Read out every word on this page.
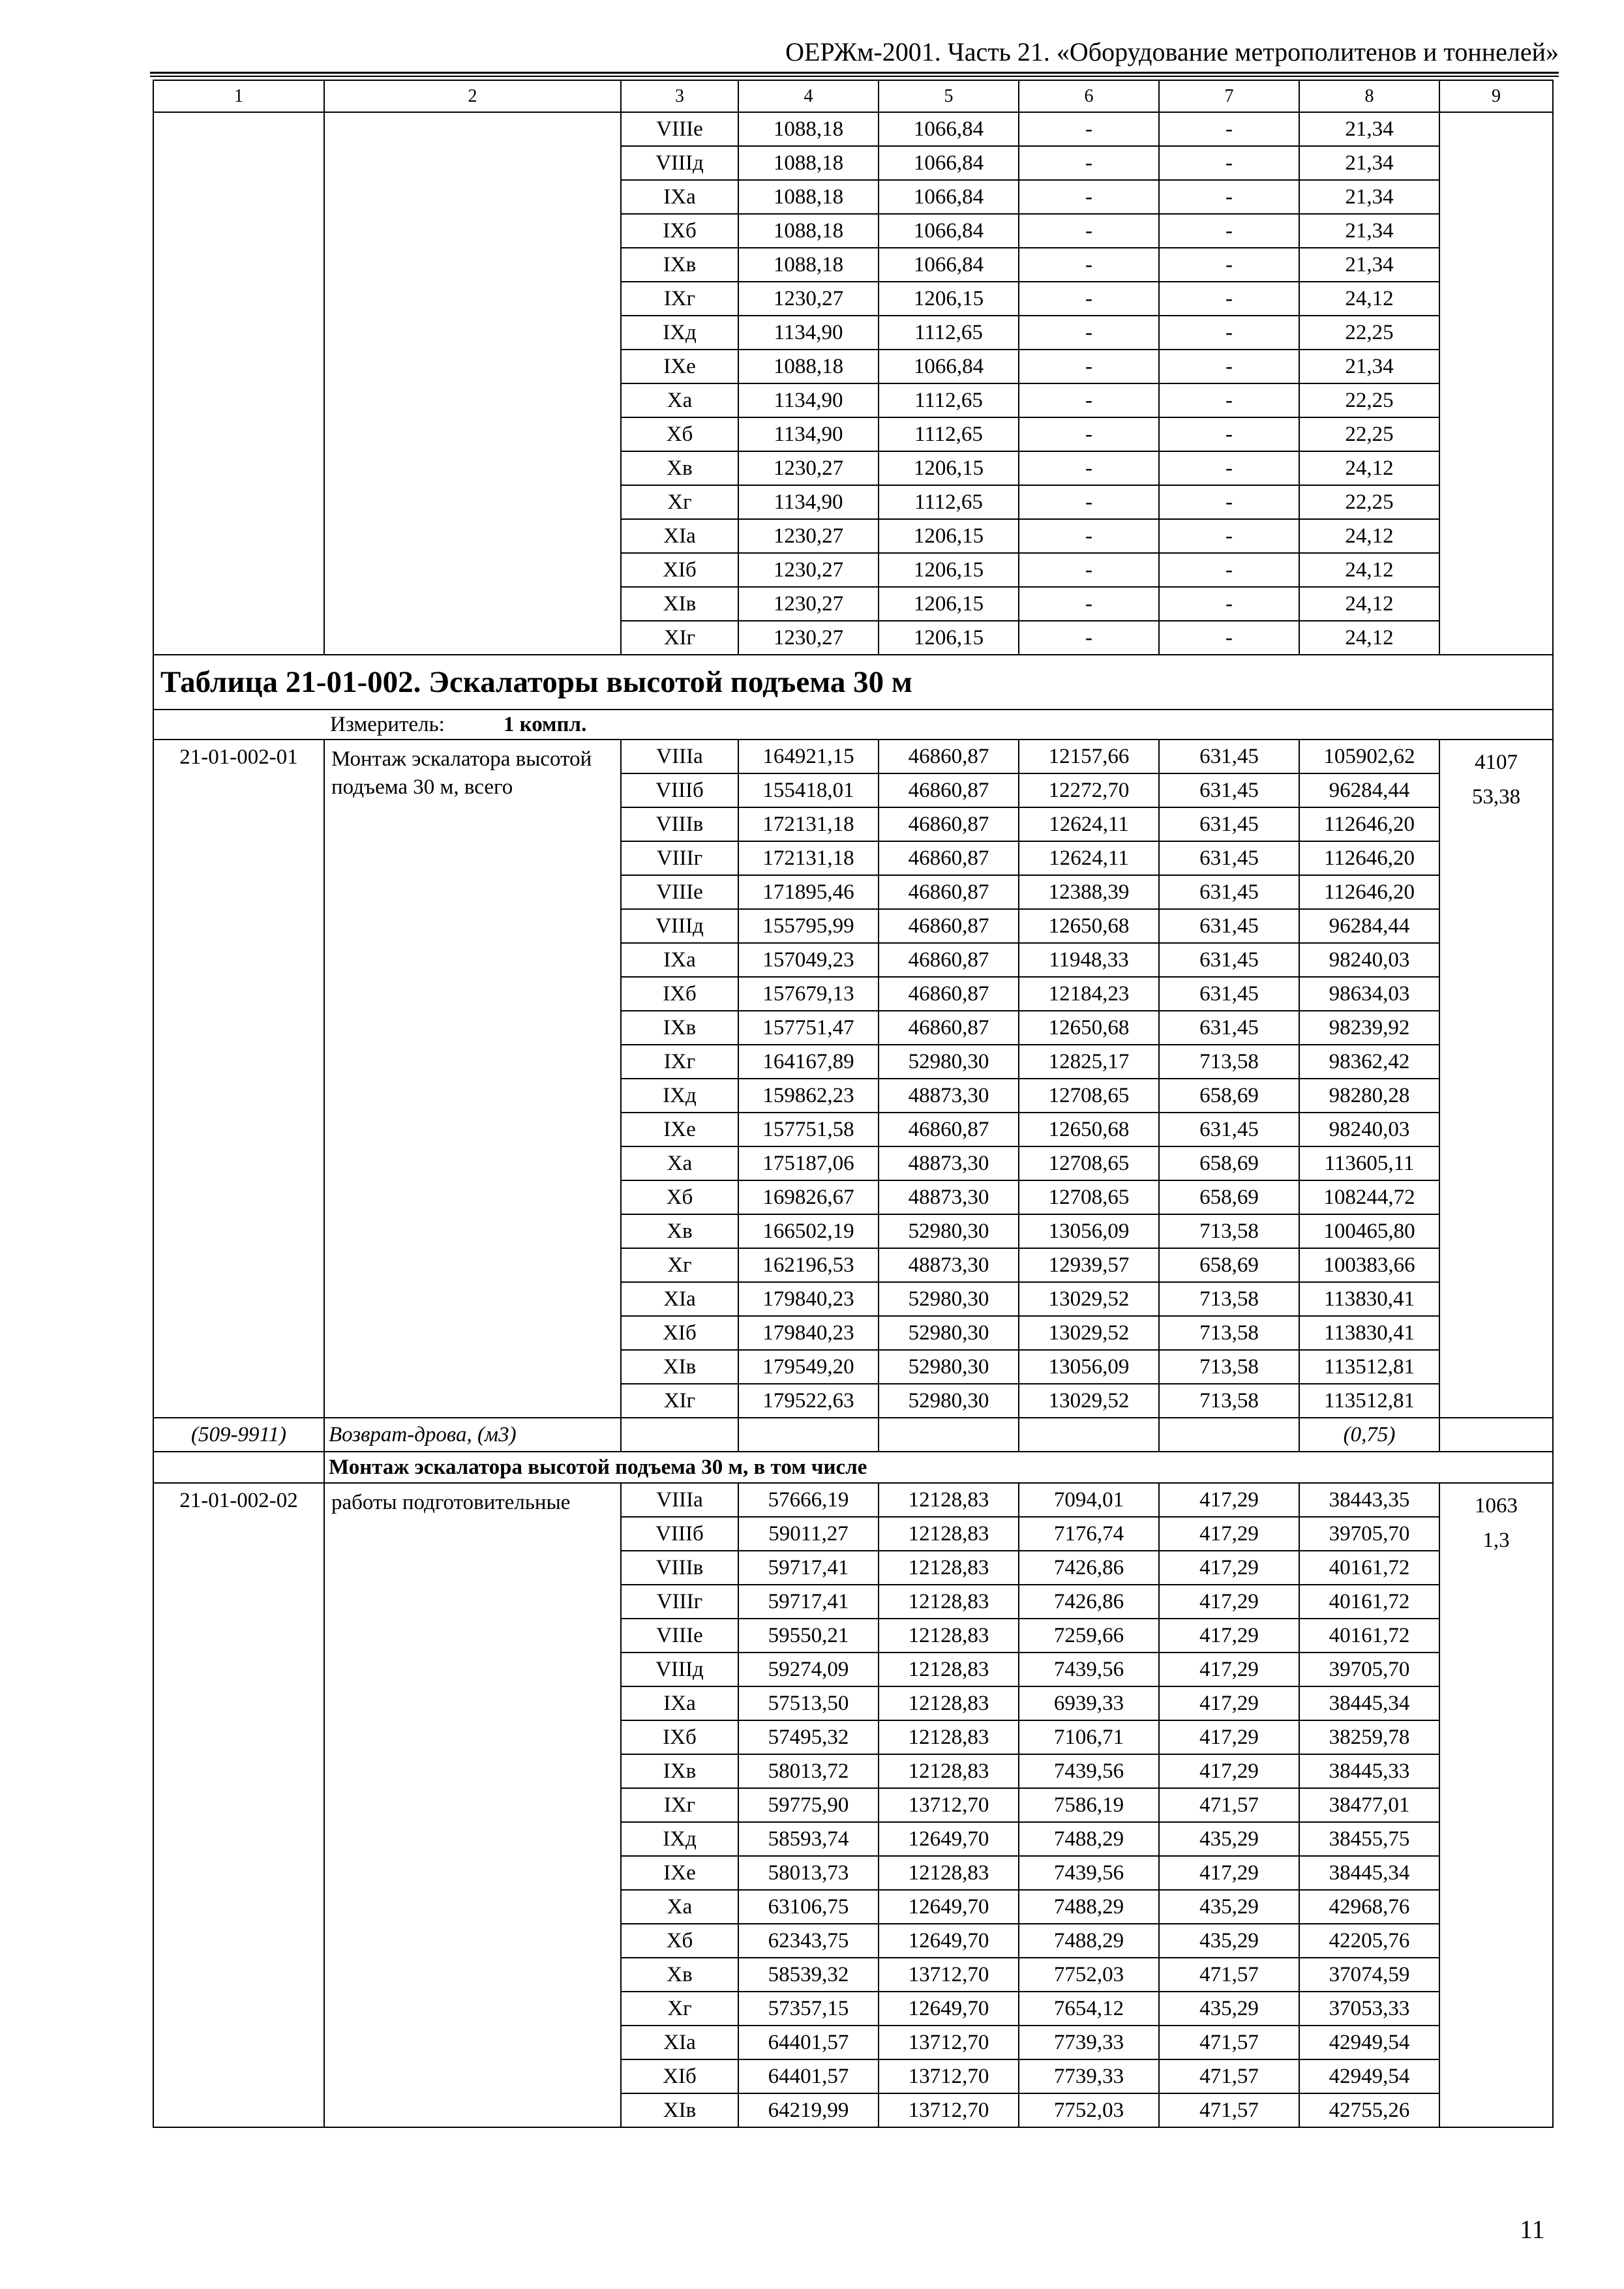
ОЕРЖм-2001. Часть 21. «Оборудование метрополитенов и тоннелей»
1	2	3	4	5	6	7	8	9
		VIIIе	1088,18	1066,84	-	-	21,34	
		VIIIд	1088,18	1066,84	-	-	21,34	
		IXа	1088,18	1066,84	-	-	21,34	
		IXб	1088,18	1066,84	-	-	21,34	
		IXв	1088,18	1066,84	-	-	21,34	
		IXг	1230,27	1206,15	-	-	24,12	
		IXд	1134,90	1112,65	-	-	22,25	
		IXе	1088,18	1066,84	-	-	21,34	
		Xа	1134,90	1112,65	-	-	22,25	
		Xб	1134,90	1112,65	-	-	22,25	
		Xв	1230,27	1206,15	-	-	24,12	
		Xг	1134,90	1112,65	-	-	22,25	
		XIа	1230,27	1206,15	-	-	24,12	
		XIб	1230,27	1206,15	-	-	24,12	
		XIв	1230,27	1206,15	-	-	24,12	
		XIг	1230,27	1206,15	-	-	24,12	
Таблица 21-01-002. Эскалаторы высотой подъема 30 м								
Измеритель: 1 компл.								
21-01-002-01	Монтаж эскалатора высотой подъема 30 м, всего	VIIIа	164921,15	46860,87	12157,66	631,45	105902,62	4107
53,38

		VIIIб	155418,01	46860,87	12272,70	631,45	96284,44	
		VIIIв	172131,18	46860,87	12624,11	631,45	112646,20	
		VIIIг	172131,18	46860,87	12624,11	631,45	112646,20	
		VIIIе	171895,46	46860,87	12388,39	631,45	112646,20	
		VIIIд	155795,99	46860,87	12650,68	631,45	96284,44	
		IXа	157049,23	46860,87	11948,33	631,45	98240,03	
		IXб	157679,13	46860,87	12184,23	631,45	98634,03	
		IXв	157751,47	46860,87	12650,68	631,45	98239,92	
		IXг	164167,89	52980,30	12825,17	713,58	98362,42	
		IXд	159862,23	48873,30	12708,65	658,69	98280,28	
		IXе	157751,58	46860,87	12650,68	631,45	98240,03	
		Xа	175187,06	48873,30	12708,65	658,69	113605,11	
		Xб	169826,67	48873,30	12708,65	658,69	108244,72	
		Xв	166502,19	52980,30	13056,09	713,58	100465,80	
		Xг	162196,53	48873,30	12939,57	658,69	100383,66	
		XIа	179840,23	52980,30	13029,52	713,58	113830,41	
		XIб	179840,23	52980,30	13029,52	713,58	113830,41	
		XIв	179549,20	52980,30	13056,09	713,58	113512,81	
		XIг	179522,63	52980,30	13029,52	713,58	113512,81	
(509-9911)	Возврат-дрова, (м3)						(0,75)	
	Монтаж эскалатора высотой подъема 30 м, в том числе							
21-01-002-02	работы подготовительные	VIIIа	57666,19	12128,83	7094,01	417,29	38443,35	1063
1,3

		VIIIб	59011,27	12128,83	7176,74	417,29	39705,70	
		VIIIв	59717,41	12128,83	7426,86	417,29	40161,72	
		VIIIг	59717,41	12128,83	7426,86	417,29	40161,72	
		VIIIе	59550,21	12128,83	7259,66	417,29	40161,72	
		VIIIд	59274,09	12128,83	7439,56	417,29	39705,70	
		IXа	57513,50	12128,83	6939,33	417,29	38445,34	
		IXб	57495,32	12128,83	7106,71	417,29	38259,78	
		IXв	58013,72	12128,83	7439,56	417,29	38445,33	
		IXг	59775,90	13712,70	7586,19	471,57	38477,01	
		IXд	58593,74	12649,70	7488,29	435,29	38455,75	
		IXе	58013,73	12128,83	7439,56	417,29	38445,34	
		Xа	63106,75	12649,70	7488,29	435,29	42968,76	
		Xб	62343,75	12649,70	7488,29	435,29	42205,76	
		Xв	58539,32	13712,70	7752,03	471,57	37074,59	
		Xг	57357,15	12649,70	7654,12	435,29	37053,33	
		XIа	64401,57	13712,70	7739,33	471,57	42949,54	
		XIб	64401,57	13712,70	7739,33	471,57	42949,54	
		XIв	64219,99	13712,70	7752,03	471,57	42755,26	
11
